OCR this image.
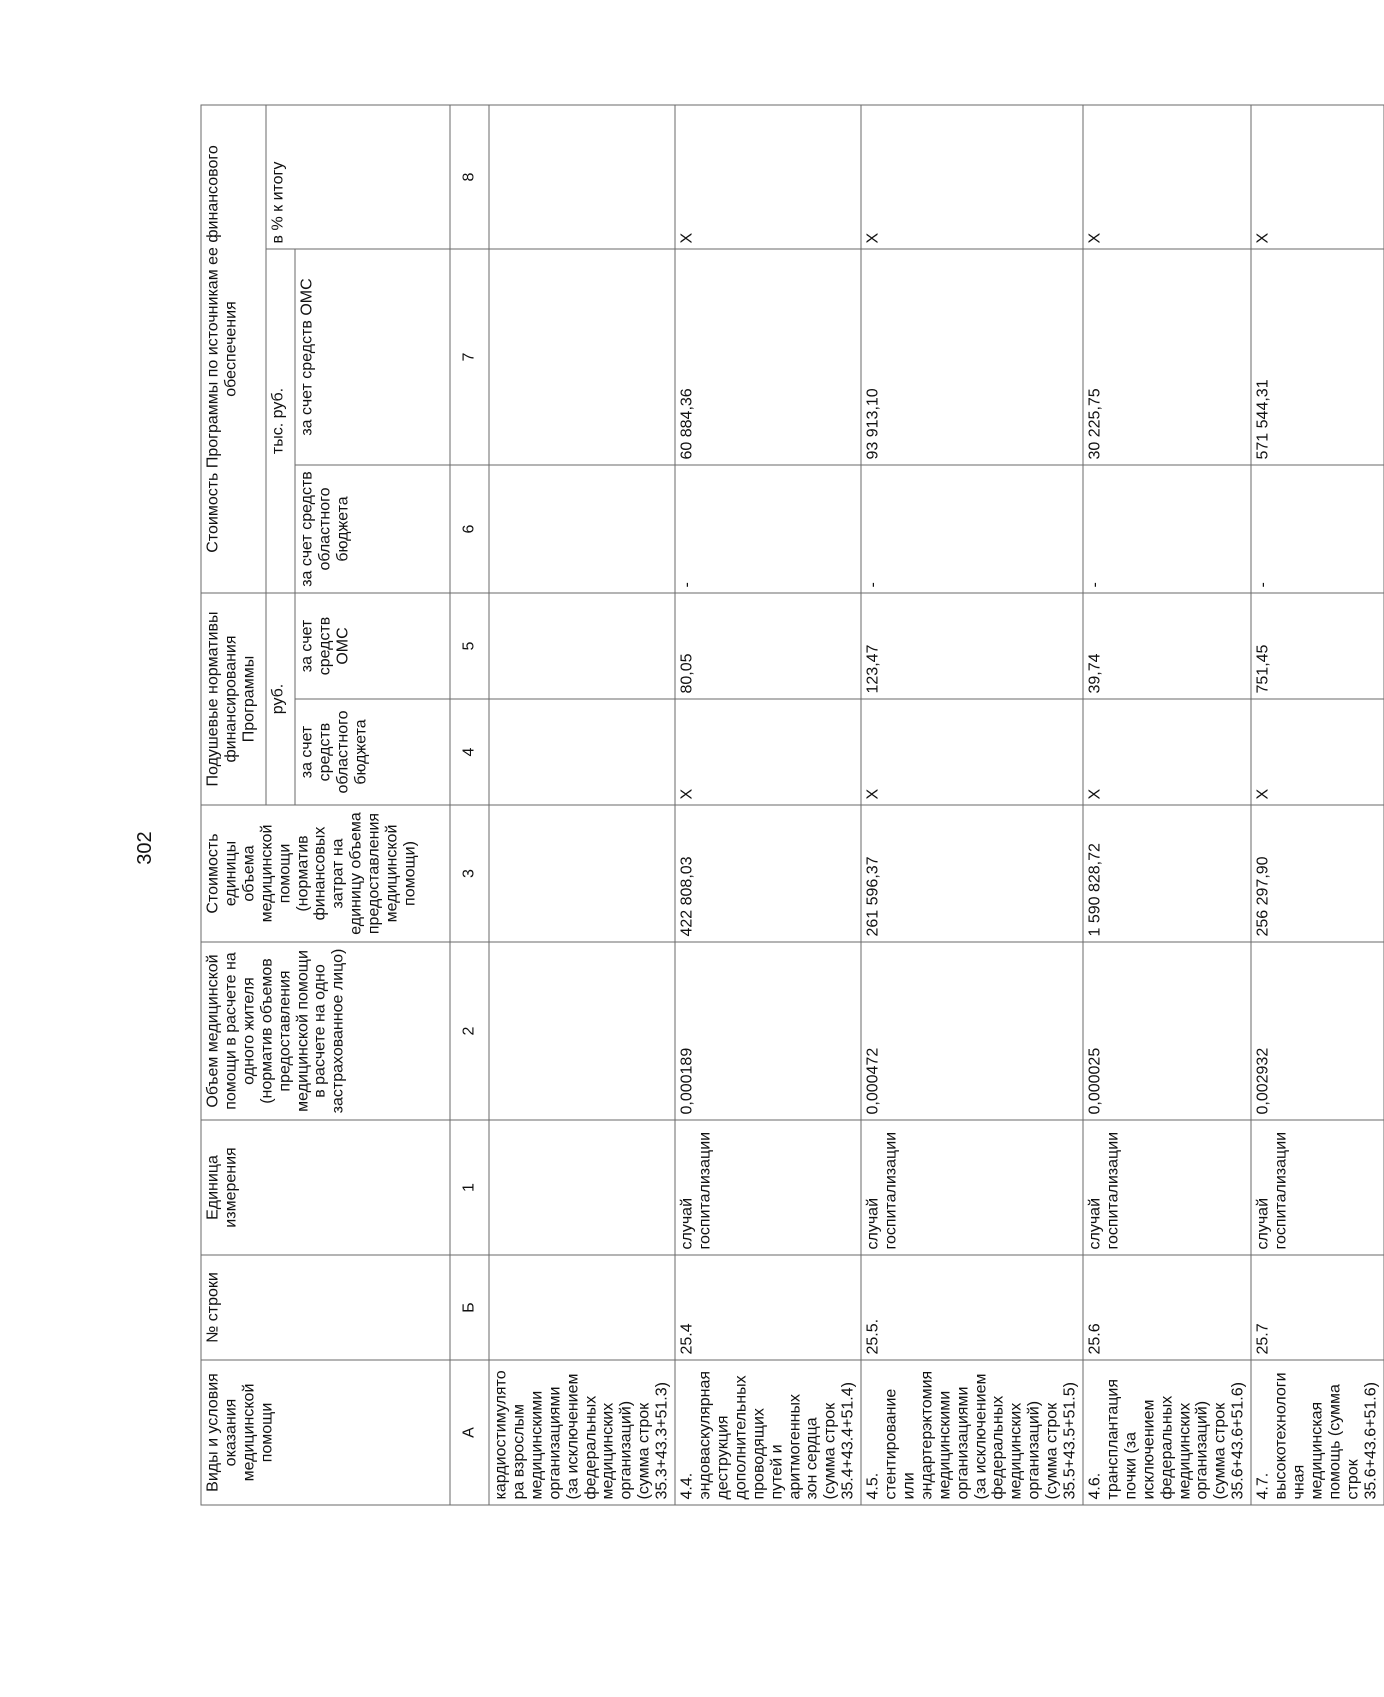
302
Виды и условия оказания медицинской помощи	№ строки	Единица измерения	Объем медицинской помощи в расчете на одного жителя (норматив объемов предоставления медицинской помощи в расчете на одно застрахованное лицо)	Стоимость единицы объема медицинской помощи (норматив финансовых затрат на единицу объема предоставления медицинской помощи)	Подушевые нормативы финансирования Программы		Стоимость Программы по источникам ее финансового обеспечения		
					руб.		тыс. руб.		в % к итогу
					за счет средств областного бюджета	за счет средств ОМС	за счет средств областного бюджета	за счет средств ОМС	
А	Б	1	2	3	4	5	6	7	8
кардиостимулятора взрослым медицинскими организациями (за исключением федеральных медицинских организаций) (сумма строк 35.3+43.3+51.3)									
4.4. эндоваскулярная деструкция дополнительных проводящих путей и аритмогенных зон сердца (сумма строк 35.4+43.4+51.4)	25.4	случай госпитализации	0,000189	422 808,03	X	80,05	-	60 884,36	X
4.5. стентирование или эндартерэктомия медицинскими организациями (за исключением федеральных медицинских организаций) (сумма строк 35.5+43.5+51.5)	25.5.	случай госпитализации	0,000472	261 596,37	X	123,47	-	93 913,10	X
4.6. трансплантация почки (за исключением федеральных медицинских организаций) (сумма строк 35.6+43.6+51.6)	25.6	случай госпитализации	0,000025	1 590 828,72	X	39,74	-	30 225,75	X
4.7. высокотехнологичная медицинская помощь (сумма строк 35.6+43.6+51.6)	25.7	случай госпитализации	0,002932	256 297,90	X	751,45	-	571 544,31	X
